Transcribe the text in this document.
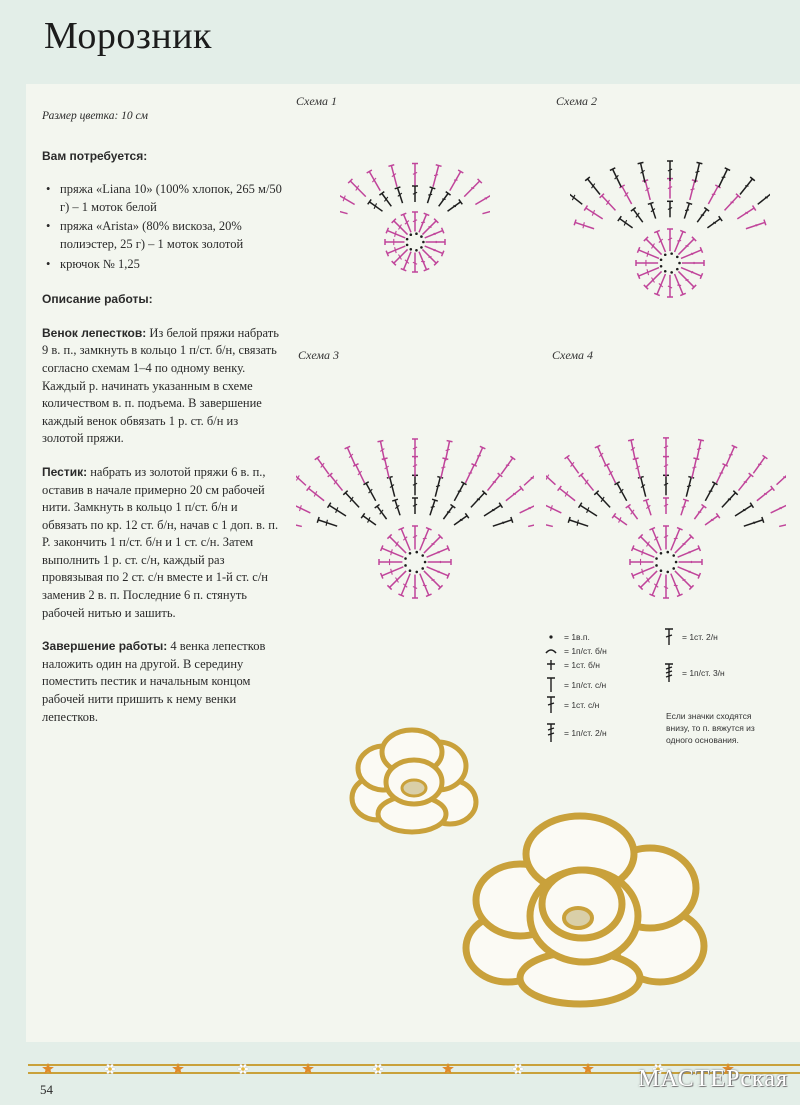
Морозник

Размер цветка: 10 см

Вам потребуется:

• пряжа «Liana 10» (100% хлопок, 265 м/50 г) – 1 моток белой
• пряжа «Arista» (80% вискоза, 20% полиэстер, 25 г) – 1 моток золотой
• крючок № 1,25

Описание работы:

Венок лепестков: Из белой пряжи набрать 9 в. п., замкнуть в кольцо 1 п/ст. б/н, связать согласно схемам 1–4 по одному венку. Каждый р. начинать указанным в схеме количеством в. п. подъема. В завершение каждый венок обвязать 1 р. ст. б/н из золотой пряжи.

Пестик: набрать из золотой пряжи 6 в. п., оставив в начале примерно 20 см рабочей нити. Замкнуть в кольцо 1 п/ст. б/н и обвязать по кр. 12 ст. б/н, начав с 1 доп. в. п. Р. закончить 1 п/ст. б/н и 1 ст. с/н. Затем выполнить 1 р. ст. с/н, каждый раз провязывая по 2 ст. с/н вместе и 1-й ст. с/н заменив 2 в. п. Последние 6 п. стянуть рабочей нитью и зашить.

Завершение работы: 4 венка лепестков наложить один на другой. В середину поместить пестик и начальным концом рабочей нити пришить к нему венки лепестков.

Схема 1	Схема 2
Схема 3	Схема 4
= 1в.п.
= 1п/ст. б/н
= 1ст. б/н
= 1п/ст. с/н
= 1ст. с/н
= 1п/ст. 2/н
= 1ст. 2/н
= 1п/ст. 3/н
Если значки сходятся внизу, то п. вяжутся из одного основания.
54	МАСТЕРская
